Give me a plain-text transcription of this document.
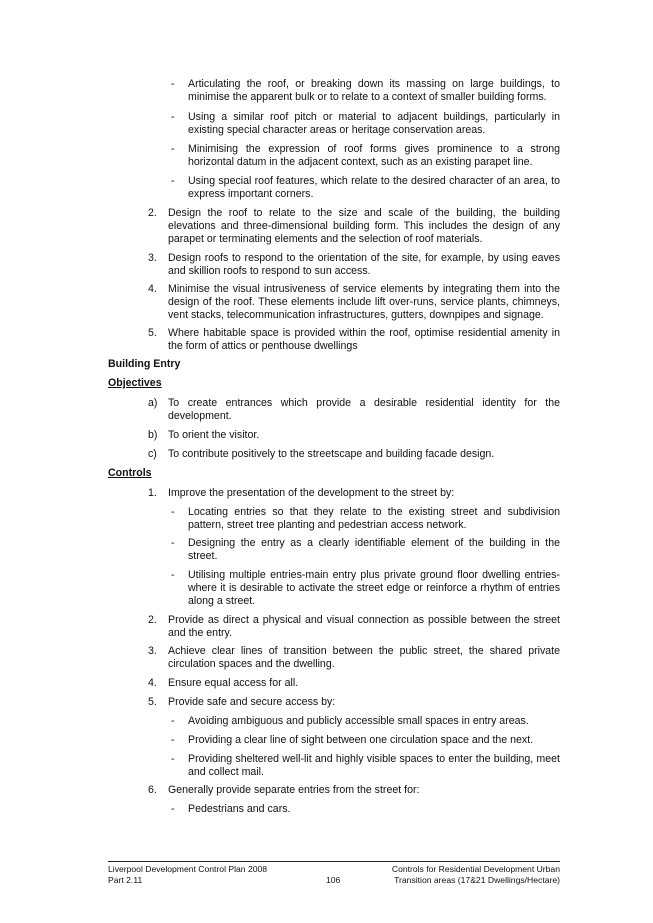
- Articulating the roof, or breaking down its massing on large buildings, to minimise the apparent bulk or to relate to a context of smaller building forms.
- Using a similar roof pitch or material to adjacent buildings, particularly in existing special character areas or heritage conservation areas.
- Minimising the expression of roof forms gives prominence to a strong horizontal datum in the adjacent context, such as an existing parapet line.
- Using special roof features, which relate to the desired character of an area, to express important corners.
2. Design the roof to relate to the size and scale of the building, the building elevations and three-dimensional building form. This includes the design of any parapet or terminating elements and the selection of roof materials.
3. Design roofs to respond to the orientation of the site, for example, by using eaves and skillion roofs to respond to sun access.
4. Minimise the visual intrusiveness of service elements by integrating them into the design of the roof. These elements include lift over-runs, service plants, chimneys, vent stacks, telecommunication infrastructures, gutters, downpipes and signage.
5. Where habitable space is provided within the roof, optimise residential amenity in the form of attics or penthouse dwellings
Building Entry
Objectives
a) To create entrances which provide a desirable residential identity for the development.
b) To orient the visitor.
c) To contribute positively to the streetscape and building facade design.
Controls
1. Improve the presentation of the development to the street by:
- Locating entries so that they relate to the existing street and subdivision pattern, street tree planting and pedestrian access network.
- Designing the entry as a clearly identifiable element of the building in the street.
- Utilising multiple entries-main entry plus private ground floor dwelling entries-where it is desirable to activate the street edge or reinforce a rhythm of entries along a street.
2. Provide as direct a physical and visual connection as possible between the street and the entry.
3. Achieve clear lines of transition between the public street, the shared private circulation spaces and the dwelling.
4. Ensure equal access for all.
5. Provide safe and secure access by:
- Avoiding ambiguous and publicly accessible small spaces in entry areas.
- Providing a clear line of sight between one circulation space and the next.
- Providing sheltered well-lit and highly visible spaces to enter the building, meet and collect mail.
6. Generally provide separate entries from the street for:
- Pedestrians and cars.
Liverpool Development Control Plan 2008
Part 2.11	106
Controls for Residential Development Urban
Transition areas (17&21 Dwellings/Hectare)
